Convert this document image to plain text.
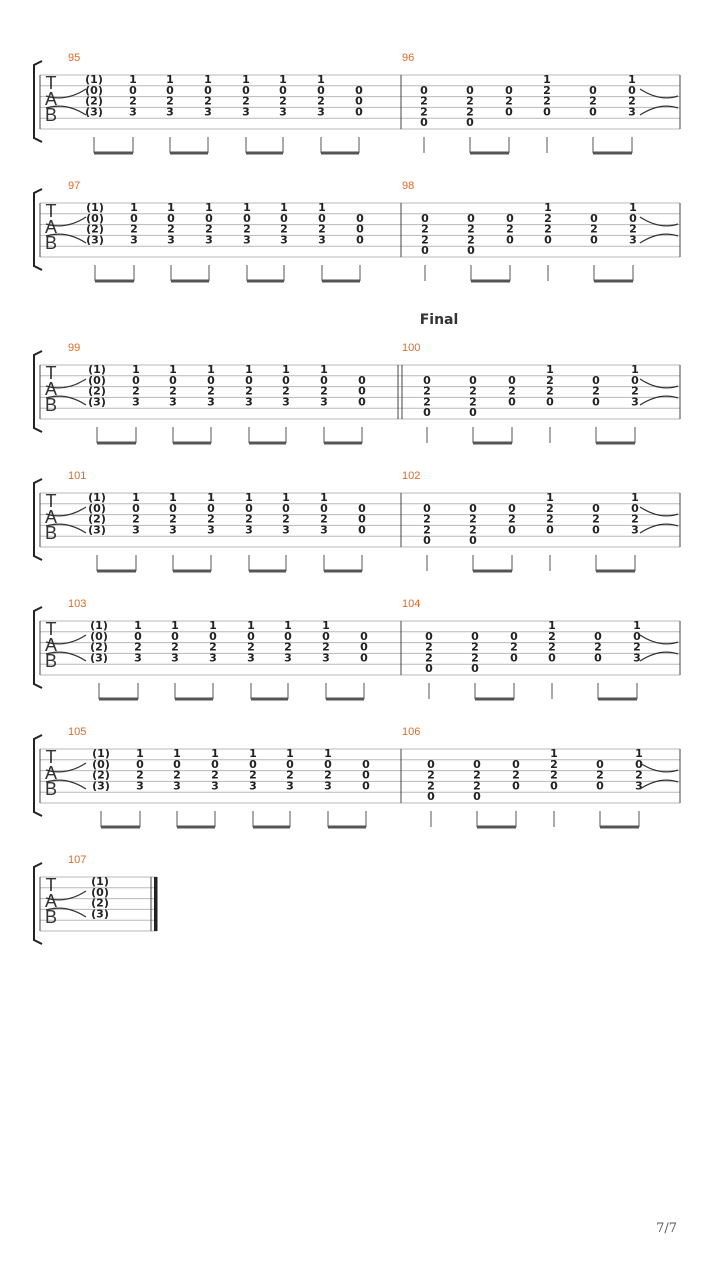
T
A
B
95
(1)
(0)
(2)
(3)
1
0
2
3
1
0
2
3
1
0
2
3
1
0
2
3
1
0
2
3
1
0
2
3
0
0
0
96
0
2
2
0
0
2
2
0
0
2
0
1
2
2
0
0
2
0
1
0
2
3
T
A
B
97
(1)
(0)
(2)
(3)
1
0
2
3
1
0
2
3
1
0
2
3
1
0
2
3
1
0
2
3
1
0
2
3
0
0
0
98
0
2
2
0
0
2
2
0
0
2
0
1
2
2
0
0
2
0
1
0
2
3
Final
T
A
B
99
(1)
(0)
(2)
(3)
1
0
2
3
1
0
2
3
1
0
2
3
1
0
2
3
1
0
2
3
1
0
2
3
0
0
0
100
0
2
2
0
0
2
2
0
0
2
0
1
2
2
0
0
2
0
1
0
2
3
T
A
B
101
(1)
(0)
(2)
(3)
1
0
2
3
1
0
2
3
1
0
2
3
1
0
2
3
1
0
2
3
1
0
2
3
0
0
0
102
0
2
2
0
0
2
2
0
0
2
0
1
2
2
0
0
2
0
1
0
2
3
T
A
B
103
(1)
(0)
(2)
(3)
1
0
2
3
1
0
2
3
1
0
2
3
1
0
2
3
1
0
2
3
1
0
2
3
0
0
0
104
0
2
2
0
0
2
2
0
0
2
0
1
2
2
0
0
2
0
1
0
2
3
T
A
B
105
(1)
(0)
(2)
(3)
1
0
2
3
1
0
2
3
1
0
2
3
1
0
2
3
1
0
2
3
1
0
2
3
0
0
0
106
0
2
2
0
0
2
2
0
0
2
0
1
2
2
0
0
2
0
1
0
2
3
T
A
B
107
(1)
(0)
(2)
(3)
7/7
